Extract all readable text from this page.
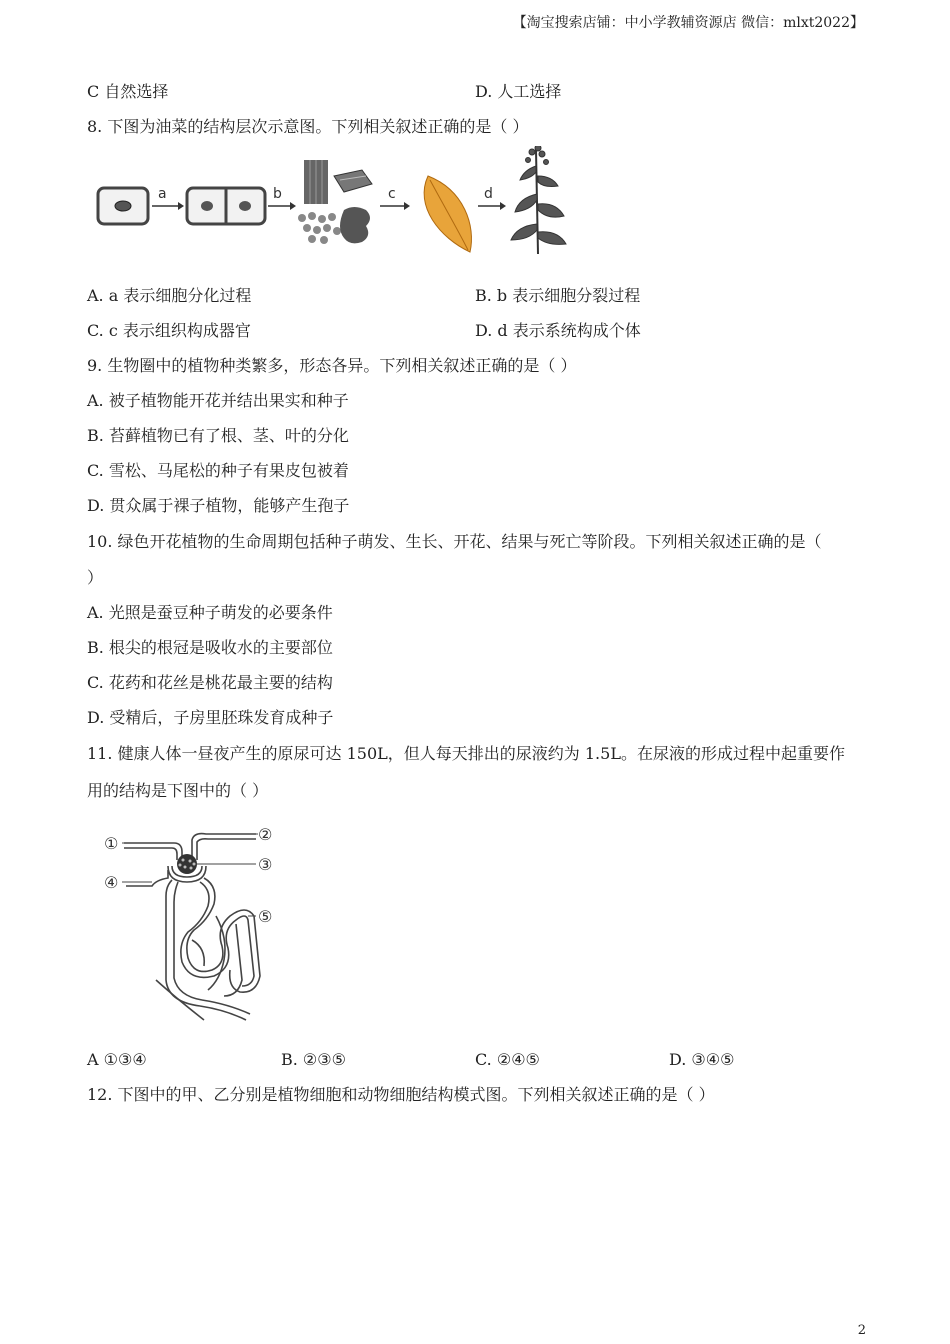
【淘宝搜索店铺：中小学教辅资源店 微信：mlxt2022】
C 自然选择	D. 人工选择
8. 下图为油菜的结构层次示意图。下列相关叙述正确的是（ ）
a	b	c	d
A. a 表示细胞分化过程	B. b 表示细胞分裂过程
C. c 表示组织构成器官	D. d 表示系统构成个体
9. 生物圈中的植物种类繁多，形态各异。下列相关叙述正确的是（ ）
A. 被子植物能开花并结出果实和种子
B. 苔藓植物已有了根、茎、叶的分化
C. 雪松、马尾松的种子有果皮包被着
D. 贯众属于裸子植物，能够产生孢子
10. 绿色开花植物的生命周期包括种子萌发、生长、开花、结果与死亡等阶段。下列相关叙述正确的是（
）
A. 光照是蚕豆种子萌发的必要条件
B. 根尖的根冠是吸收水的主要部位
C. 花药和花丝是桃花最主要的结构
D. 受精后，子房里胚珠发育成种子
11. 健康人体一昼夜产生的原尿可达 150L，但人每天排出的尿液约为 1.5L。在尿液的形成过程中起重要作
用的结构是下图中的（ ）
①	②
③
④
⑤
A ①③④	B. ②③⑤	C. ②④⑤	D. ③④⑤
12. 下图中的甲、乙分别是植物细胞和动物细胞结构模式图。下列相关叙述正确的是（ ）
2
